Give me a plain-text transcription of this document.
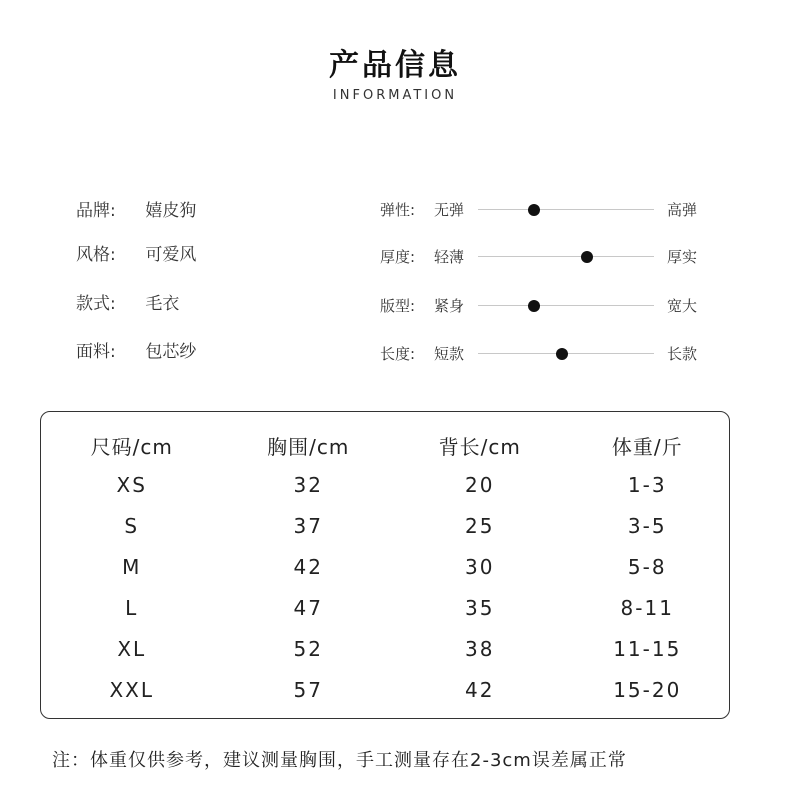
产品信息
INFORMATION
品牌: 嬉皮狗
风格: 可爱风
款式: 毛衣
面料: 包芯纱
弹性: 无弹	高弹
厚度: 轻薄	厚实
版型: 紧身	宽大
长度: 短款	长款
尺码/cm	胸围/cm	背长/cm	体重/斤
XS	32	20	1-3
S	37	25	3-5
M	42	30	5-8
L	47	35	8-11
XL	52	38	11-15
XXL	57	42	15-20
注：体重仅供参考，建议测量胸围，手工测量存在2-3cm误差属正常
